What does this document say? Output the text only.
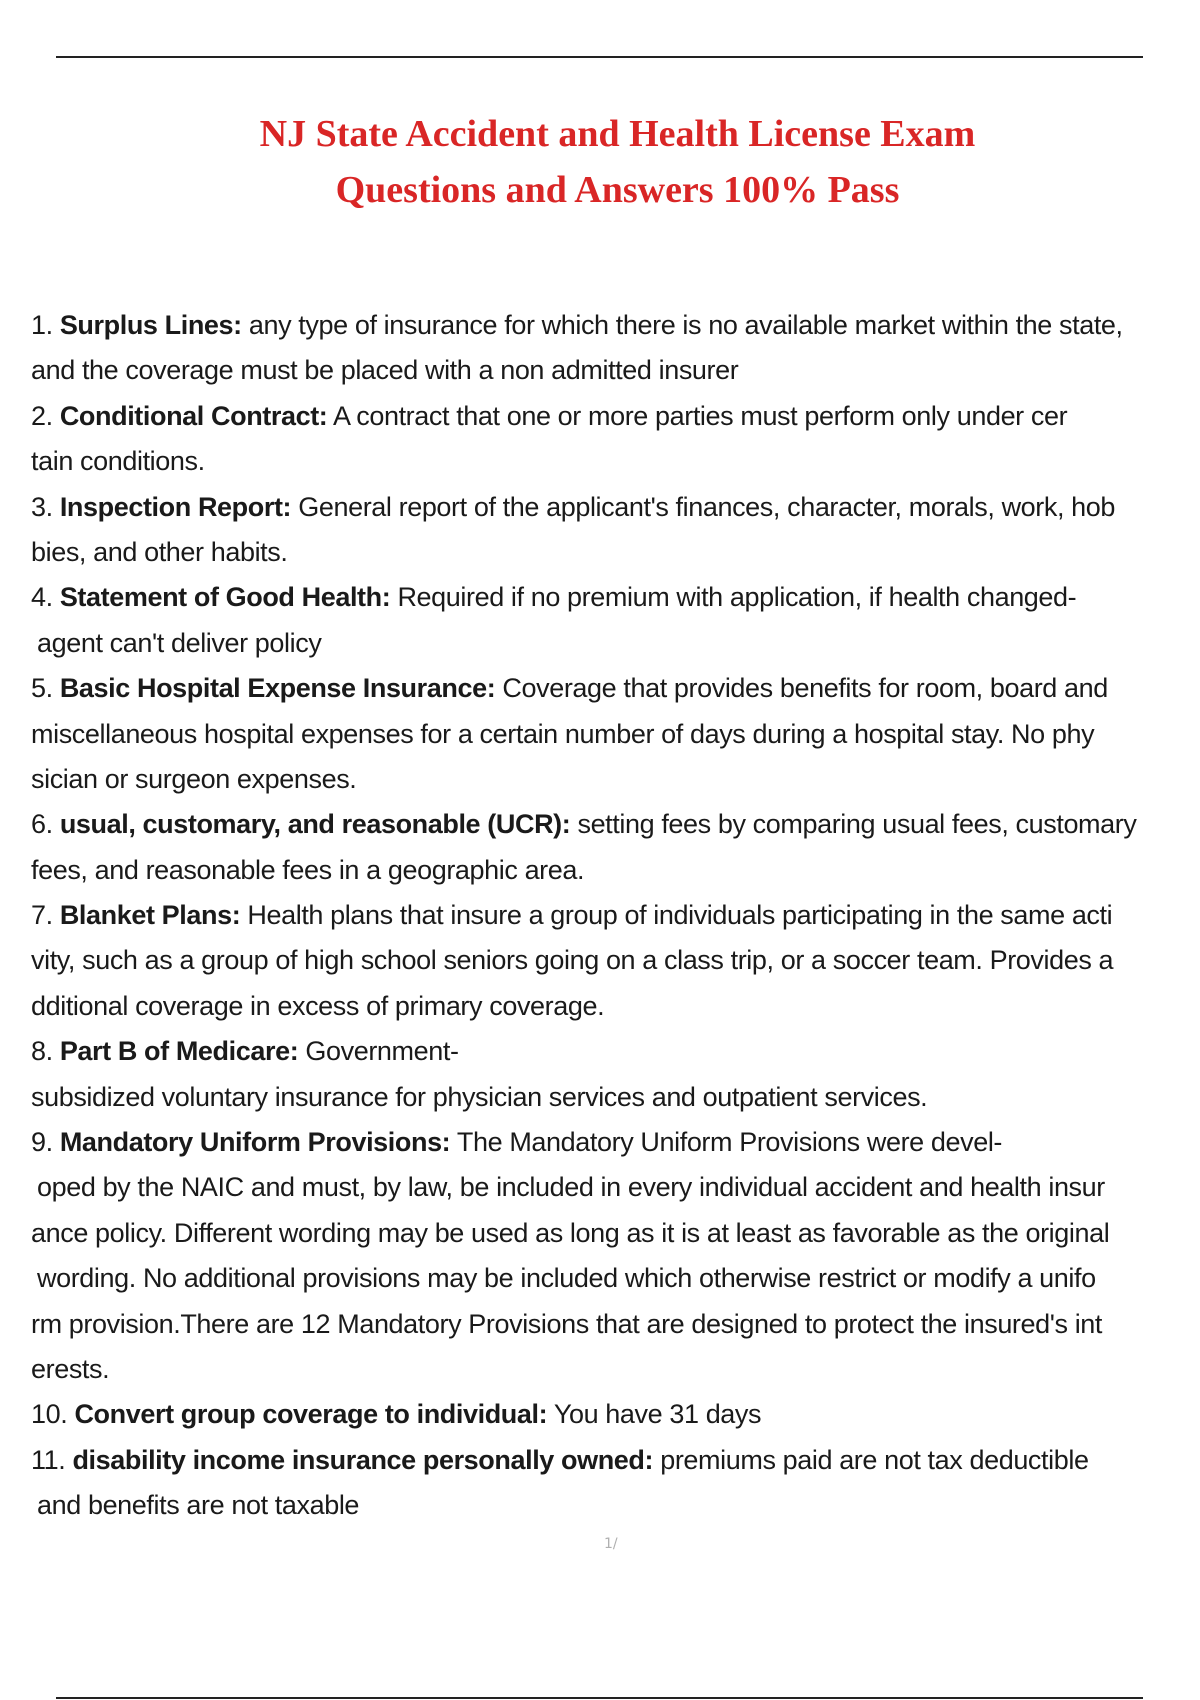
NJ State Accident and Health License Exam
Questions and Answers 100% Pass
1. Surplus Lines: any type of insurance for which there is no available market within the state,
and the coverage must be placed with a non admitted insurer
2. Conditional Contract: A contract that one or more parties must perform only under cer
tain conditions.
3. Inspection Report: General report of the applicant's finances, character, morals, work, hob
bies, and other habits.
4. Statement of Good Health: Required if no premium with application, if health changed-
agent can't deliver policy
5. Basic Hospital Expense Insurance: Coverage that provides benefits for room, board and
miscellaneous hospital expenses for a certain number of days during a hospital stay. No phy
sician or surgeon expenses.
6. usual, customary, and reasonable (UCR): setting fees by comparing usual fees, customary
fees, and reasonable fees in a geographic area.
7. Blanket Plans: Health plans that insure a group of individuals participating in the same acti
vity, such as a group of high school seniors going on a class trip, or a soccer team. Provides a
dditional coverage in excess of primary coverage.
8. Part B of Medicare: Government-
subsidized voluntary insurance for physician services and outpatient services.
9. Mandatory Uniform Provisions: The Mandatory Uniform Provisions were devel-
oped by the NAIC and must, by law, be included in every individual accident and health insur
ance policy. Different wording may be used as long as it is at least as favorable as the original
wording. No additional provisions may be included which otherwise restrict or modify a unifo
rm provision.There are 12 Mandatory Provisions that are designed to protect the insured's int
erests.
10. Convert group coverage to individual: You have 31 days
11. disability income insurance personally owned: premiums paid are not tax deductible
and benefits are not taxable
1/
